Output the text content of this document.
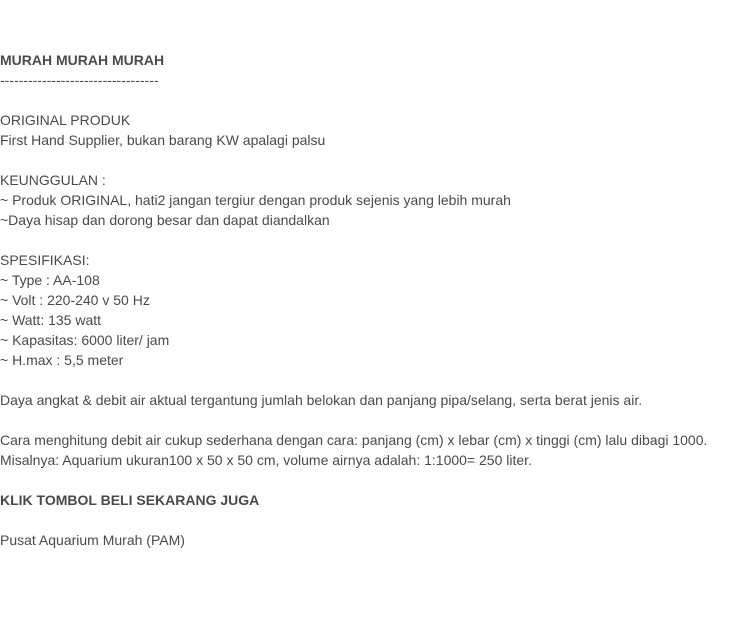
MURAH MURAH MURAH
----------------------------------
ORIGINAL PRODUK
First Hand Supplier, bukan barang KW apalagi palsu
KEUNGGULAN :
~ Produk ORIGINAL, hati2 jangan tergiur dengan produk sejenis yang lebih murah
~Daya hisap dan dorong besar dan dapat diandalkan
SPESIFIKASI:
~ Type : AA-108
~ Volt : 220-240 v 50 Hz
~ Watt: 135 watt
~ Kapasitas: 6000 liter/ jam
~ H.max : 5,5 meter
Daya angkat & debit air aktual tergantung jumlah belokan dan panjang pipa/selang, serta berat jenis air.
Cara menghitung debit air cukup sederhana dengan cara: panjang (cm) x lebar (cm) x tinggi (cm) lalu dibagi 1000.
Misalnya: Aquarium ukuran100 x 50 x 50 cm, volume airnya adalah: 1:1000= 250 liter.
KLIK TOMBOL BELI SEKARANG JUGA
Pusat Aquarium Murah (PAM)
